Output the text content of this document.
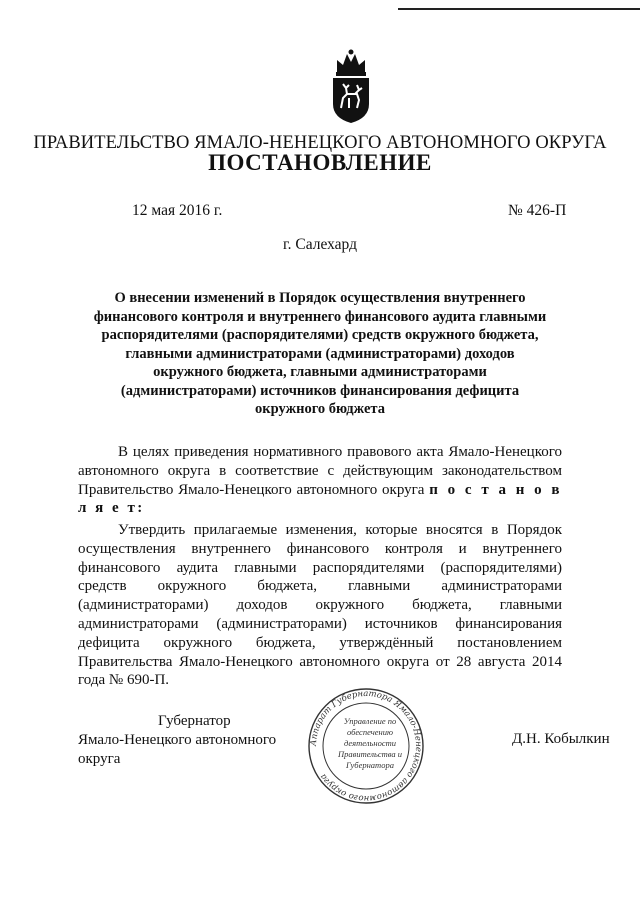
ПРАВИТЕЛЬСТВО ЯМАЛО-НЕНЕЦКОГО АВТОНОМНОГО ОКРУГА
ПОСТАНОВЛЕНИЕ
12 мая 2016 г.	№ 426-П
г. Салехард
О внесении изменений в Порядок осуществления внутреннего финансового контроля и внутреннего финансового аудита главными распорядителями (распорядителями) средств окружного бюджета, главными администраторами (администраторами) доходов окружного бюджета, главными администраторами (администраторами) источников финансирования дефицита окружного бюджета
В целях приведения нормативного правового акта Ямало-Ненецкого автономного округа в соответствие с действующим законодательством Правительство Ямало-Ненецкого автономного округа п о с т а н о в л я е т:
Утвердить прилагаемые изменения, которые вносятся в Порядок осуществления внутреннего финансового контроля и внутреннего финансового аудита главными распорядителями (распорядителями) средств окружного бюджета, главными администраторами (администраторами) доходов окружного бюджета, главными администраторами (администраторами) источников финансирования дефицита окружного бюджета, утверждённый постановлением Правительства Ямало-Ненецкого автономного округа от 28 августа 2014 года № 690-П.
Аппарат Губернатора Ямало-Ненецкого автономного округа
Управление по обеспечению деятельности Правительства и Губернатора
Губернатор
Ямало-Ненецкого автономного округа
Д.Н. Кобылкин
